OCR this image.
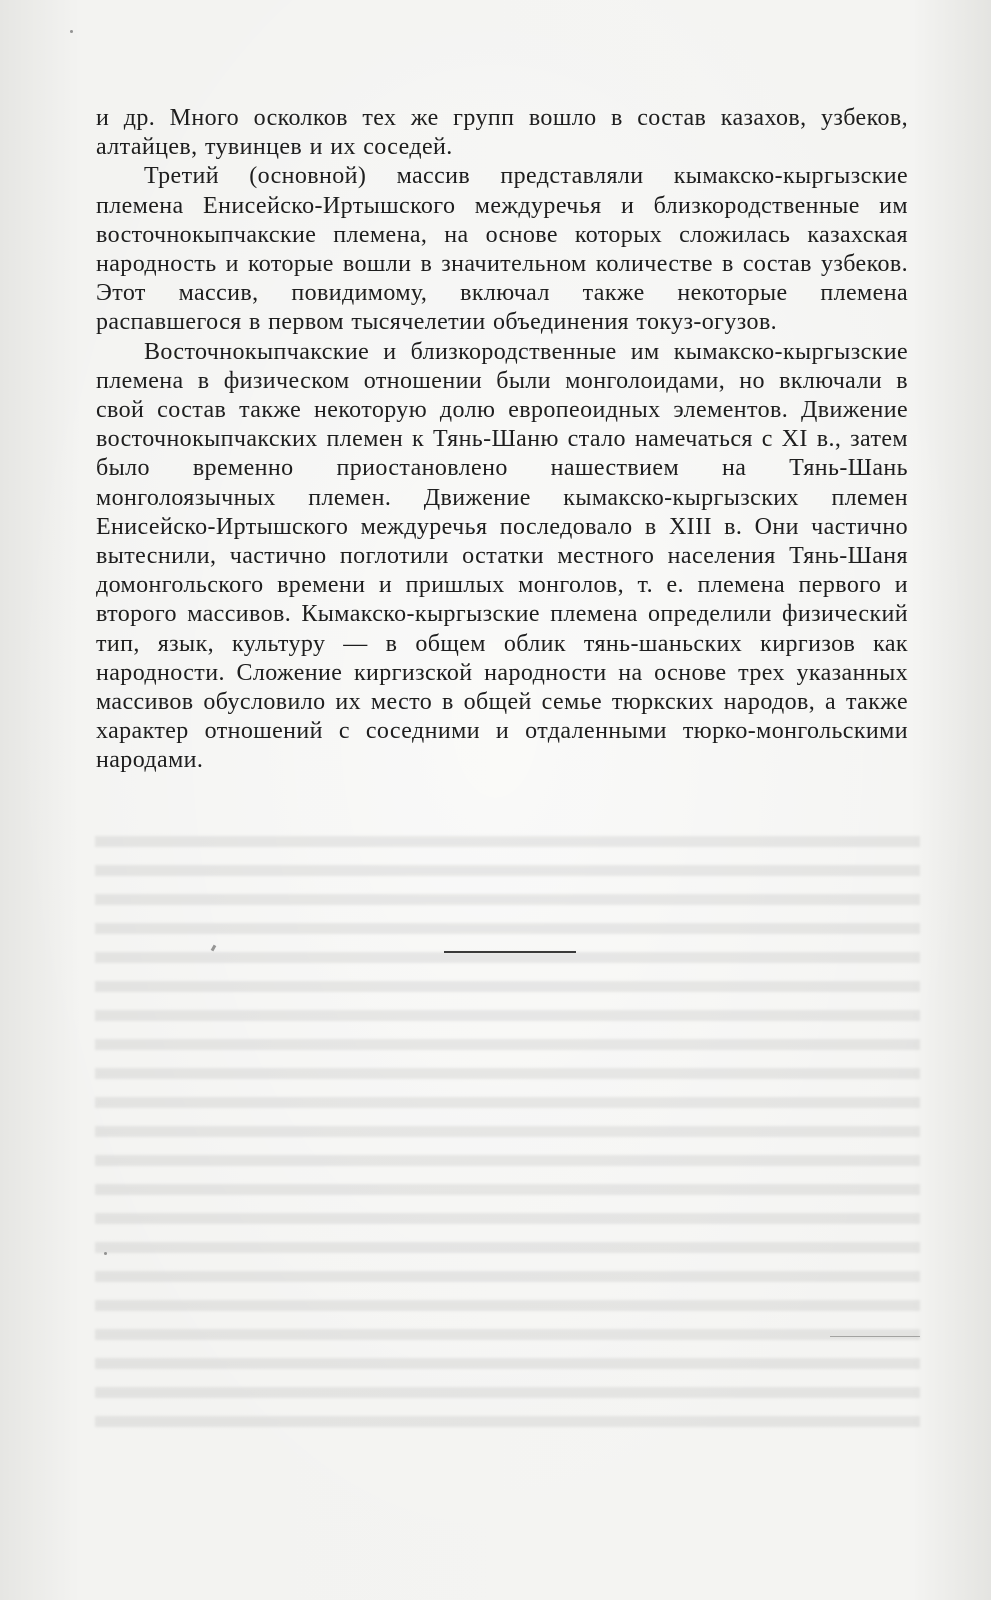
и др. Много осколков тех же групп вошло в состав казахов, узбеков, алтайцев, тувинцев и их соседей.

Третий (основной) массив представляли кымакско-кыргызские племена Енисейско-Иртышского междуречья и близкородственные им восточнокыпчакские племена, на основе которых сложилась казахская народность и которые вошли в значительном количестве в состав узбеков. Этот массив, повидимому, включал также некоторые племена распавшегося в первом тысячелетии объединения токуз-огузов.

Восточнокыпчакские и близкородственные им кымакско-кыргызские племена в физическом отношении были монголоидами, но включали в свой состав также некоторую долю европеоидных элементов. Движение восточнокыпчакских племен к Тянь-Шаню стало намечаться с XI в., затем было временно приостановлено нашествием на Тянь-Шань монголоязычных племен. Движение кымакско-кыргызских племен Енисейско-Иртышского междуречья последовало в XIII в. Они частично вытеснили, частично поглотили остатки местного населения Тянь-Шаня домонгольского времени и пришлых монголов, т. е. племена первого и второго массивов. Кымакско-кыргызские племена определили физический тип, язык, культуру — в общем облик тянь-шаньских киргизов как народности. Сложение киргизской народности на основе трех указанных массивов обусловило их место в общей семье тюркских народов, а также характер отношений с соседними и отдаленными тюрко-монгольскими народами.
